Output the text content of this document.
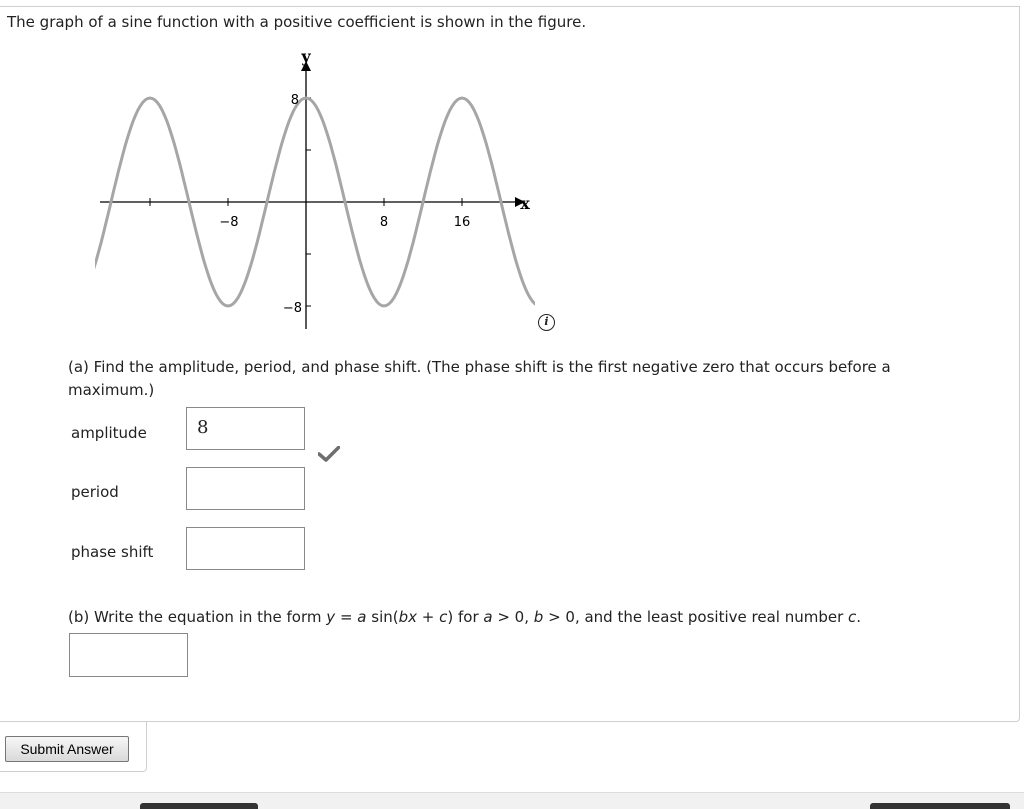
The graph of a sine function with a positive coefficient is shown in the figure.
−8	8	16
8
−8
y
x
i
(a) Find the amplitude, period, and phase shift. (The phase shift is the first negative zero that occurs before a maximum.)
amplitude	8
period
phase shift
(b) Write the equation in the form y = a sin(bx + c) for a > 0, b > 0, and the least positive real number c.
Submit Answer
